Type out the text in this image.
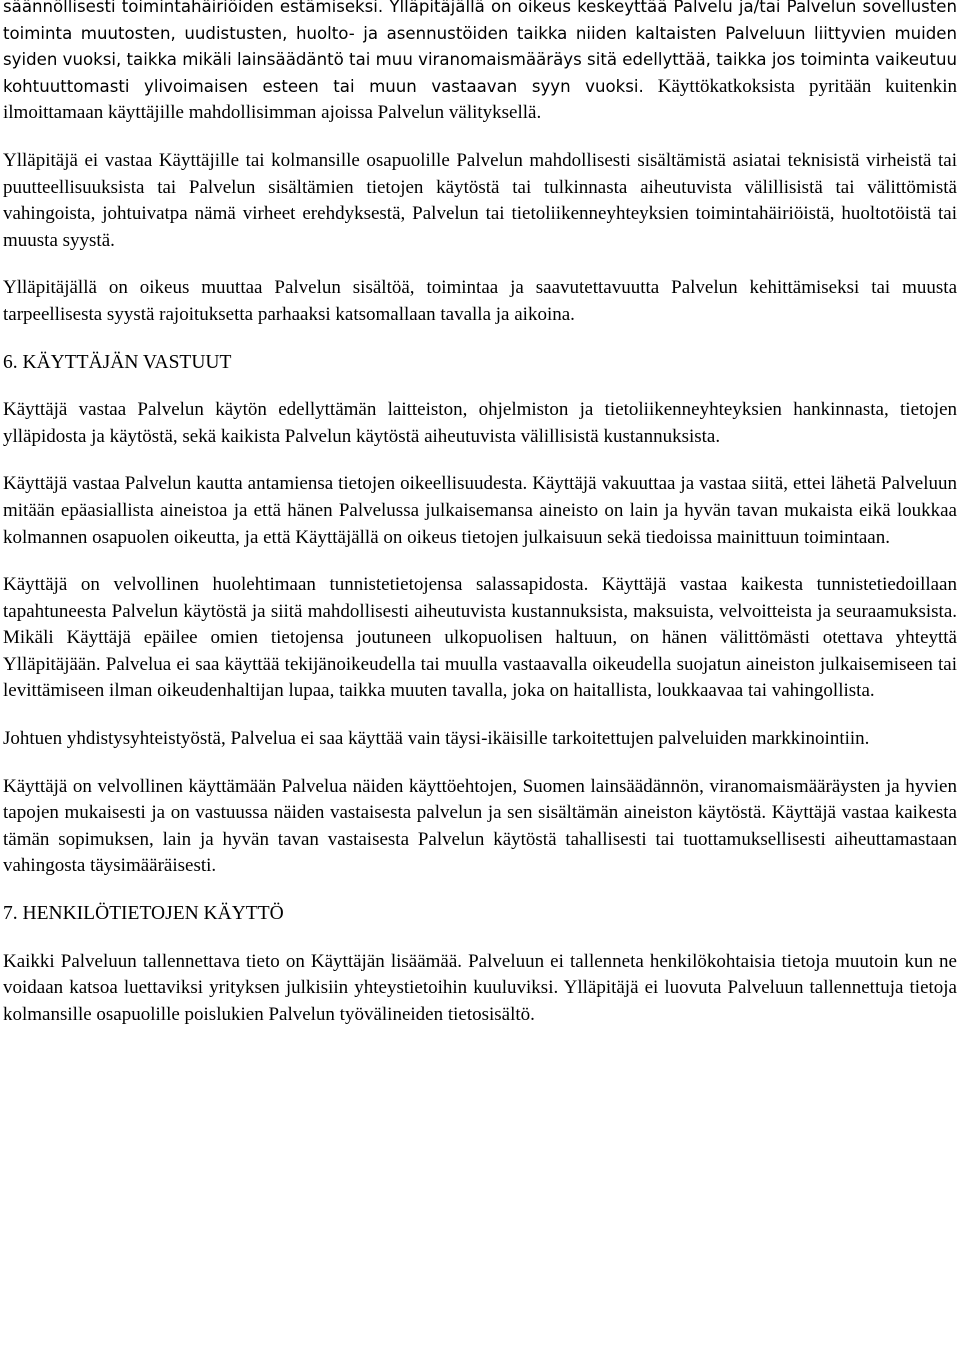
säännöllisesti toimintahäiriöiden estämiseksi. Ylläpitäjällä on oikeus keskeyttää Palvelu ja/tai Palvelun sovellusten toiminta muutosten, uudistusten, huolto- ja asennustöiden taikka niiden kaltaisten Palveluun liittyvien muiden syiden vuoksi, taikka mikäli lainsäädäntö tai muu viranomaismääräys sitä edellyttää, taikka jos toiminta vaikeutuu kohtuuttomasti ylivoimaisen esteen tai muun vastaavan syyn vuoksi. Käyttökatkoksista pyritään kuitenkin ilmoittamaan käyttäjille mahdollisimman ajoissa Palvelun välityksellä.

Ylläpitäjä ei vastaa Käyttäjille tai kolmansille osapuolille Palvelun mahdollisesti sisältämistä asiatai teknisistä virheistä tai puutteellisuuksista tai Palvelun sisältämien tietojen käytöstä tai tulkinnasta aiheutuvista välillisistä tai välittömistä vahingoista, johtuivatpa nämä virheet erehdyksestä, Palvelun tai tietoliikenneyhteyksien toimintahäiriöistä, huoltotöistä tai muusta syystä.

Ylläpitäjällä on oikeus muuttaa Palvelun sisältöä, toimintaa ja saavutettavuutta Palvelun kehittämiseksi tai muusta tarpeellisesta syystä rajoituksetta parhaaksi katsomallaan tavalla ja aikoina.

6. KÄYTTÄJÄN VASTUUT

Käyttäjä vastaa Palvelun käytön edellyttämän laitteiston, ohjelmiston ja tietoliikenneyhteyksien hankinnasta, tietojen ylläpidosta ja käytöstä, sekä kaikista Palvelun käytöstä aiheutuvista välillisistä kustannuksista.

Käyttäjä vastaa Palvelun kautta antamiensa tietojen oikeellisuudesta. Käyttäjä vakuuttaa ja vastaa siitä, ettei lähetä Palveluun mitään epäasiallista aineistoa ja että hänen Palvelussa julkaisemansa aineisto on lain ja hyvän tavan mukaista eikä loukkaa kolmannen osapuolen oikeutta, ja että Käyttäjällä on oikeus tietojen julkaisuun sekä tiedoissa mainittuun toimintaan.

Käyttäjä on velvollinen huolehtimaan tunnistetietojensa salassapidosta. Käyttäjä vastaa kaikesta tunnistetiedoillaan tapahtuneesta Palvelun käytöstä ja siitä mahdollisesti aiheutuvista kustannuksista, maksuista, velvoitteista ja seuraamuksista. Mikäli Käyttäjä epäilee omien tietojensa joutuneen ulkopuolisen haltuun, on hänen välittömästi otettava yhteyttä Ylläpitäjään. Palvelua ei saa käyttää tekijänoikeudella tai muulla vastaavalla oikeudella suojatun aineiston julkaisemiseen tai levittämiseen ilman oikeudenhaltijan lupaa, taikka muuten tavalla, joka on haitallista, loukkaavaa tai vahingollista.

Johtuen yhdistysyhteistyöstä, Palvelua ei saa käyttää vain täysi-ikäisille tarkoitettujen palveluiden markkinointiin.

Käyttäjä on velvollinen käyttämään Palvelua näiden käyttöehtojen, Suomen lainsäädännön, viranomaismääräysten ja hyvien tapojen mukaisesti ja on vastuussa näiden vastaisesta palvelun ja sen sisältämän aineiston käytöstä. Käyttäjä vastaa kaikesta tämän sopimuksen, lain ja hyvän tavan vastaisesta Palvelun käytöstä tahallisesti tai tuottamuksellisesti aiheuttamastaan vahingosta täysimääräisesti.

7. HENKILÖTIETOJEN KÄYTTÖ

Kaikki Palveluun tallennettava tieto on Käyttäjän lisäämää. Palveluun ei tallenneta henkilökohtaisia tietoja muutoin kun ne voidaan katsoa luettaviksi yrityksen julkisiin yhteystietoihin kuuluviksi. Ylläpitäjä ei luovuta Palveluun tallennettuja tietoja kolmansille osapuolille poislukien Palvelun työvälineiden tietosisältö.
